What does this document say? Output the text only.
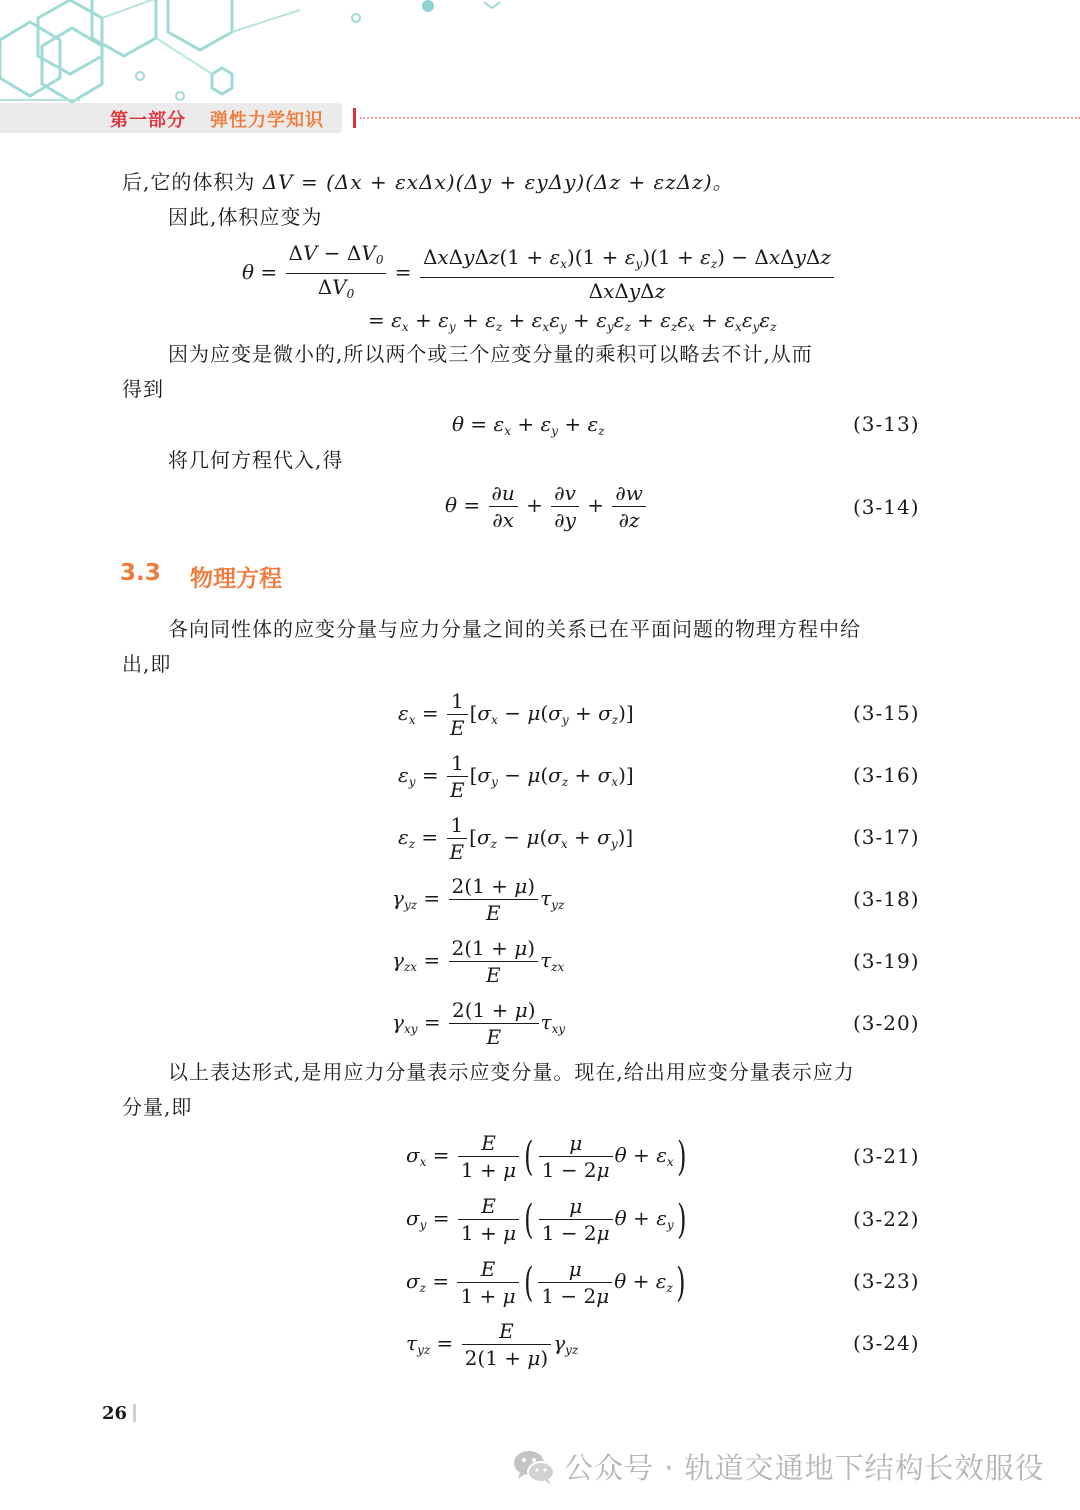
第一部分 弹性力学知识
后,它的体积为 ΔV = (Δx + εxΔx)(Δy + εyΔy)(Δz + εzΔz)。
因此,体积应变为
$\theta = \frac{\Delta V - \Delta V_0}{\Delta V_0} = \frac{\Delta x\Delta y\Delta z(1 + \varepsilon_x)(1 + \varepsilon_y)(1 + \varepsilon_z) - \Delta x\Delta y\Delta z}{\text{ΔxΔyΔz}}$
= $\varepsilon_x + \varepsilon_y + \varepsilon_z + \varepsilon_x\varepsilon_y + \varepsilon_y\varepsilon_z + \varepsilon_z\varepsilon_x + \varepsilon_x\varepsilon_y\varepsilon_z$
因为应变是微小的,所以两个或三个应变分量的乘积可以略去不计,从而
得到
$\theta = \varepsilon_x + \varepsilon_y + \varepsilon_z$	(3-13)
将几何方程代入,得
$\theta = \frac{\partial u}{\partial x} + \frac{\partial v}{\partial y} + \frac{\partial w}{\partial z}$	(3-14)
3.3 物理方程
各向同性体的应变分量与应力分量之间的关系已在平面问题的物理方程中给
出,即
$\varepsilon_x = \frac{1}{E} [\sigma_x - \mu(\sigma_y + \sigma_z)]$	(3-15)
$\varepsilon_y = \frac{1}{E} [\sigma_y - \mu(\sigma_z + \sigma_x)]$	(3-16)
$\varepsilon_z = \frac{1}{E} [\sigma_z - \mu(\sigma_x + \sigma_y)]$	(3-17)
$\gamma_{yz} = \frac{2(1 + \mu)}{E} \tau_{yz}$	(3-18)
$\gamma_{zx} = \frac{2(1 + \mu)}{E} \tau_{zx}$	(3-19)
$\gamma_{xy} = \frac{2(1 + \mu)}{E} \tau_{xy}$	(3-20)
以上表达形式,是用应力分量表示应变分量。现在,给出用应变分量表示应力
分量,即
$\sigma_x = \frac{E}{1 + \mu}$ ( $\frac{\mu}{1 - 2\mu}$ $\theta + \varepsilon_x$)	(3-21)
$\sigma_y = \frac{E}{1 + \mu}$ ( $\frac{\mu}{1 - 2\mu}$ $\theta + \varepsilon_y$)	(3-22)
$\sigma_z = \frac{E}{1 + \mu}$ ( $\frac{\mu}{1 - 2\mu}$ $\theta + \varepsilon_z$)	(3-23)
$\tau_{yz} = \frac{E}{2(1 + \mu)} \gamma_{yz}$	(3-24)
26
公众号 · 轨道交通地下结构长效服役
